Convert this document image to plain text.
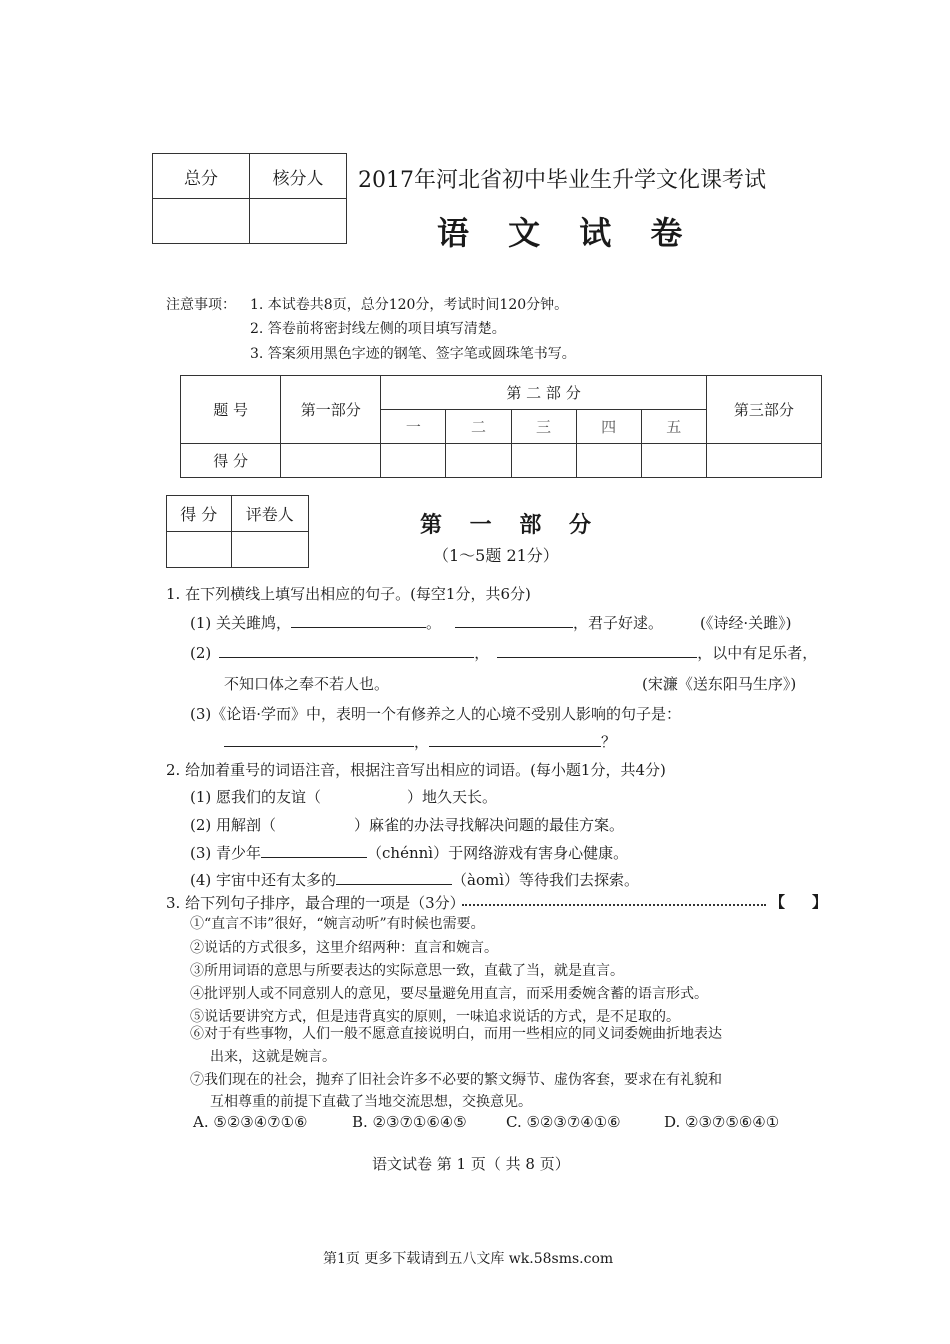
总分	核分人
	2017年河北省初中毕业生升学文化课考试
语 文 试 卷
注意事项： 1. 本试卷共8页，总分120分，考试时间120分钟。
2. 答卷前将密封线左侧的项目填写清楚。
3. 答案须用黑色字迹的钢笔、签字笔或圆珠笔书写。
题 号	第一部分	第 二 部 分					第三部分
		一	二	三	四	五	
得 分							
得 分	评卷人
		第 一 部 分
（1～5题 21分）
1. 在下列横线上填写出相应的句子。(每空1分，共6分)
(1) 关关雎鸠，	。	，君子好逑。 (《诗经·关雎》)
(2)	，	，以中有足乐者，
不知口体之奉不若人也。	(宋濂《送东阳马生序》)
(3)《论语·学而》中，表明一个有修养之人的心境不受别人影响的句子是：
，	？
2. 给加着重号的词语注音，根据注音写出相应的词语。(每小题1分，共4分)
(1) 愿我们的友谊（	）地久天长。
(2) 用解剖（	）麻雀的办法寻找解决问题的最佳方案。
(3) 青少年	（chénnì）于网络游戏有害身心健康。
(4) 宇宙中还有太多的	（àomì）等待我们去探索。
3. 给下列句子排序，最合理的一项是（3分）	【 】
①“直言不讳”很好，“婉言动听”有时候也需要。
②说话的方式很多，这里介绍两种：直言和婉言。
③所用词语的意思与所要表达的实际意思一致，直截了当，就是直言。
④批评别人或不同意别人的意见，要尽量避免用直言，而采用委婉含蓄的语言形式。
⑤说话要讲究方式，但是违背真实的原则，一味追求说话的方式，是不足取的。
⑥对于有些事物，人们一般不愿意直接说明白，而用一些相应的同义词委婉曲折地表达
出来，这就是婉言。
⑦我们现在的社会，抛弃了旧社会许多不必要的繁文缛节、虚伪客套，要求在有礼貌和
互相尊重的前提下直截了当地交流思想，交换意见。
A. ⑤②③④⑦①⑥	B. ②③⑦①⑥④⑤	C. ⑤②③⑦④①⑥	D. ②③⑦⑤⑥④①
语文试卷 第 1 页（ 共 8 页）
第1页 更多下载请到五八文库 wk.58sms.com
